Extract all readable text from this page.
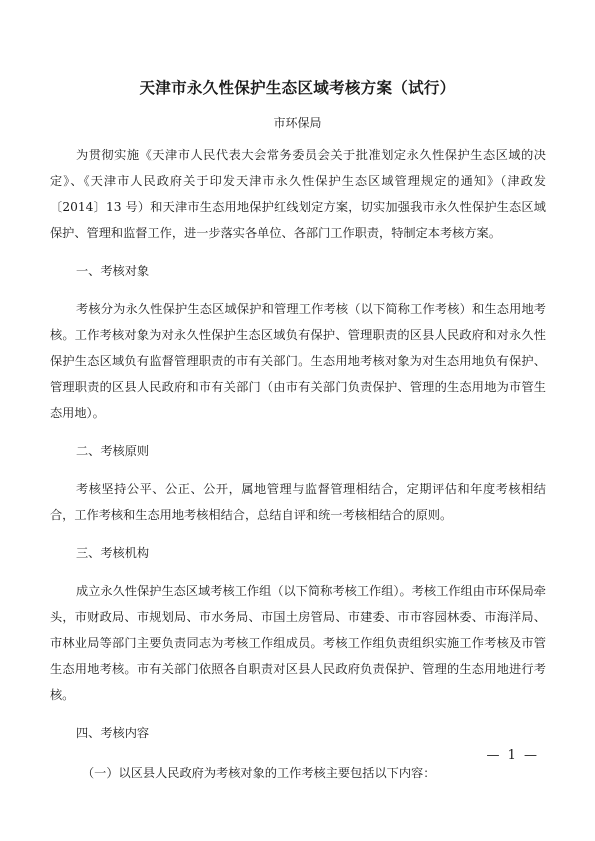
天津市永久性保护生态区域考核方案（试行）
市环保局

为贯彻实施《天津市人民代表大会常务委员会关于批准划定永久性保护生态区域的决定》、《天津市人民政府关于印发天津市永久性保护生态区域管理规定的通知》（津政发〔2014〕13 号）和天津市生态用地保护红线划定方案，切实加强我市永久性保护生态区域保护、管理和监督工作，进一步落实各单位、各部门工作职责，特制定本考核方案。

一、考核对象

考核分为永久性保护生态区域保护和管理工作考核（以下简称工作考核）和生态用地考核。工作考核对象为对永久性保护生态区域负有保护、管理职责的区县人民政府和对永久性保护生态区域负有监督管理职责的市有关部门。生态用地考核对象为对生态用地负有保护、管理职责的区县人民政府和市有关部门（由市有关部门负责保护、管理的生态用地为市管生态用地）。

二、考核原则

考核坚持公平、公正、公开，属地管理与监督管理相结合，定期评估和年度考核相结合，工作考核和生态用地考核相结合，总结自评和统一考核相结合的原则。

三、考核机构

成立永久性保护生态区域考核工作组（以下简称考核工作组）。考核工作组由市环保局牵头，市财政局、市规划局、市水务局、市国土房管局、市建委、市市容园林委、市海洋局、市林业局等部门主要负责同志为考核工作组成员。考核工作组负责组织实施工作考核及市管生态用地考核。市有关部门依照各自职责对区县人民政府负责保护、管理的生态用地进行考核。

四、考核内容

（一）以区县人民政府为考核对象的工作考核主要包括以下内容：

— 1 —
